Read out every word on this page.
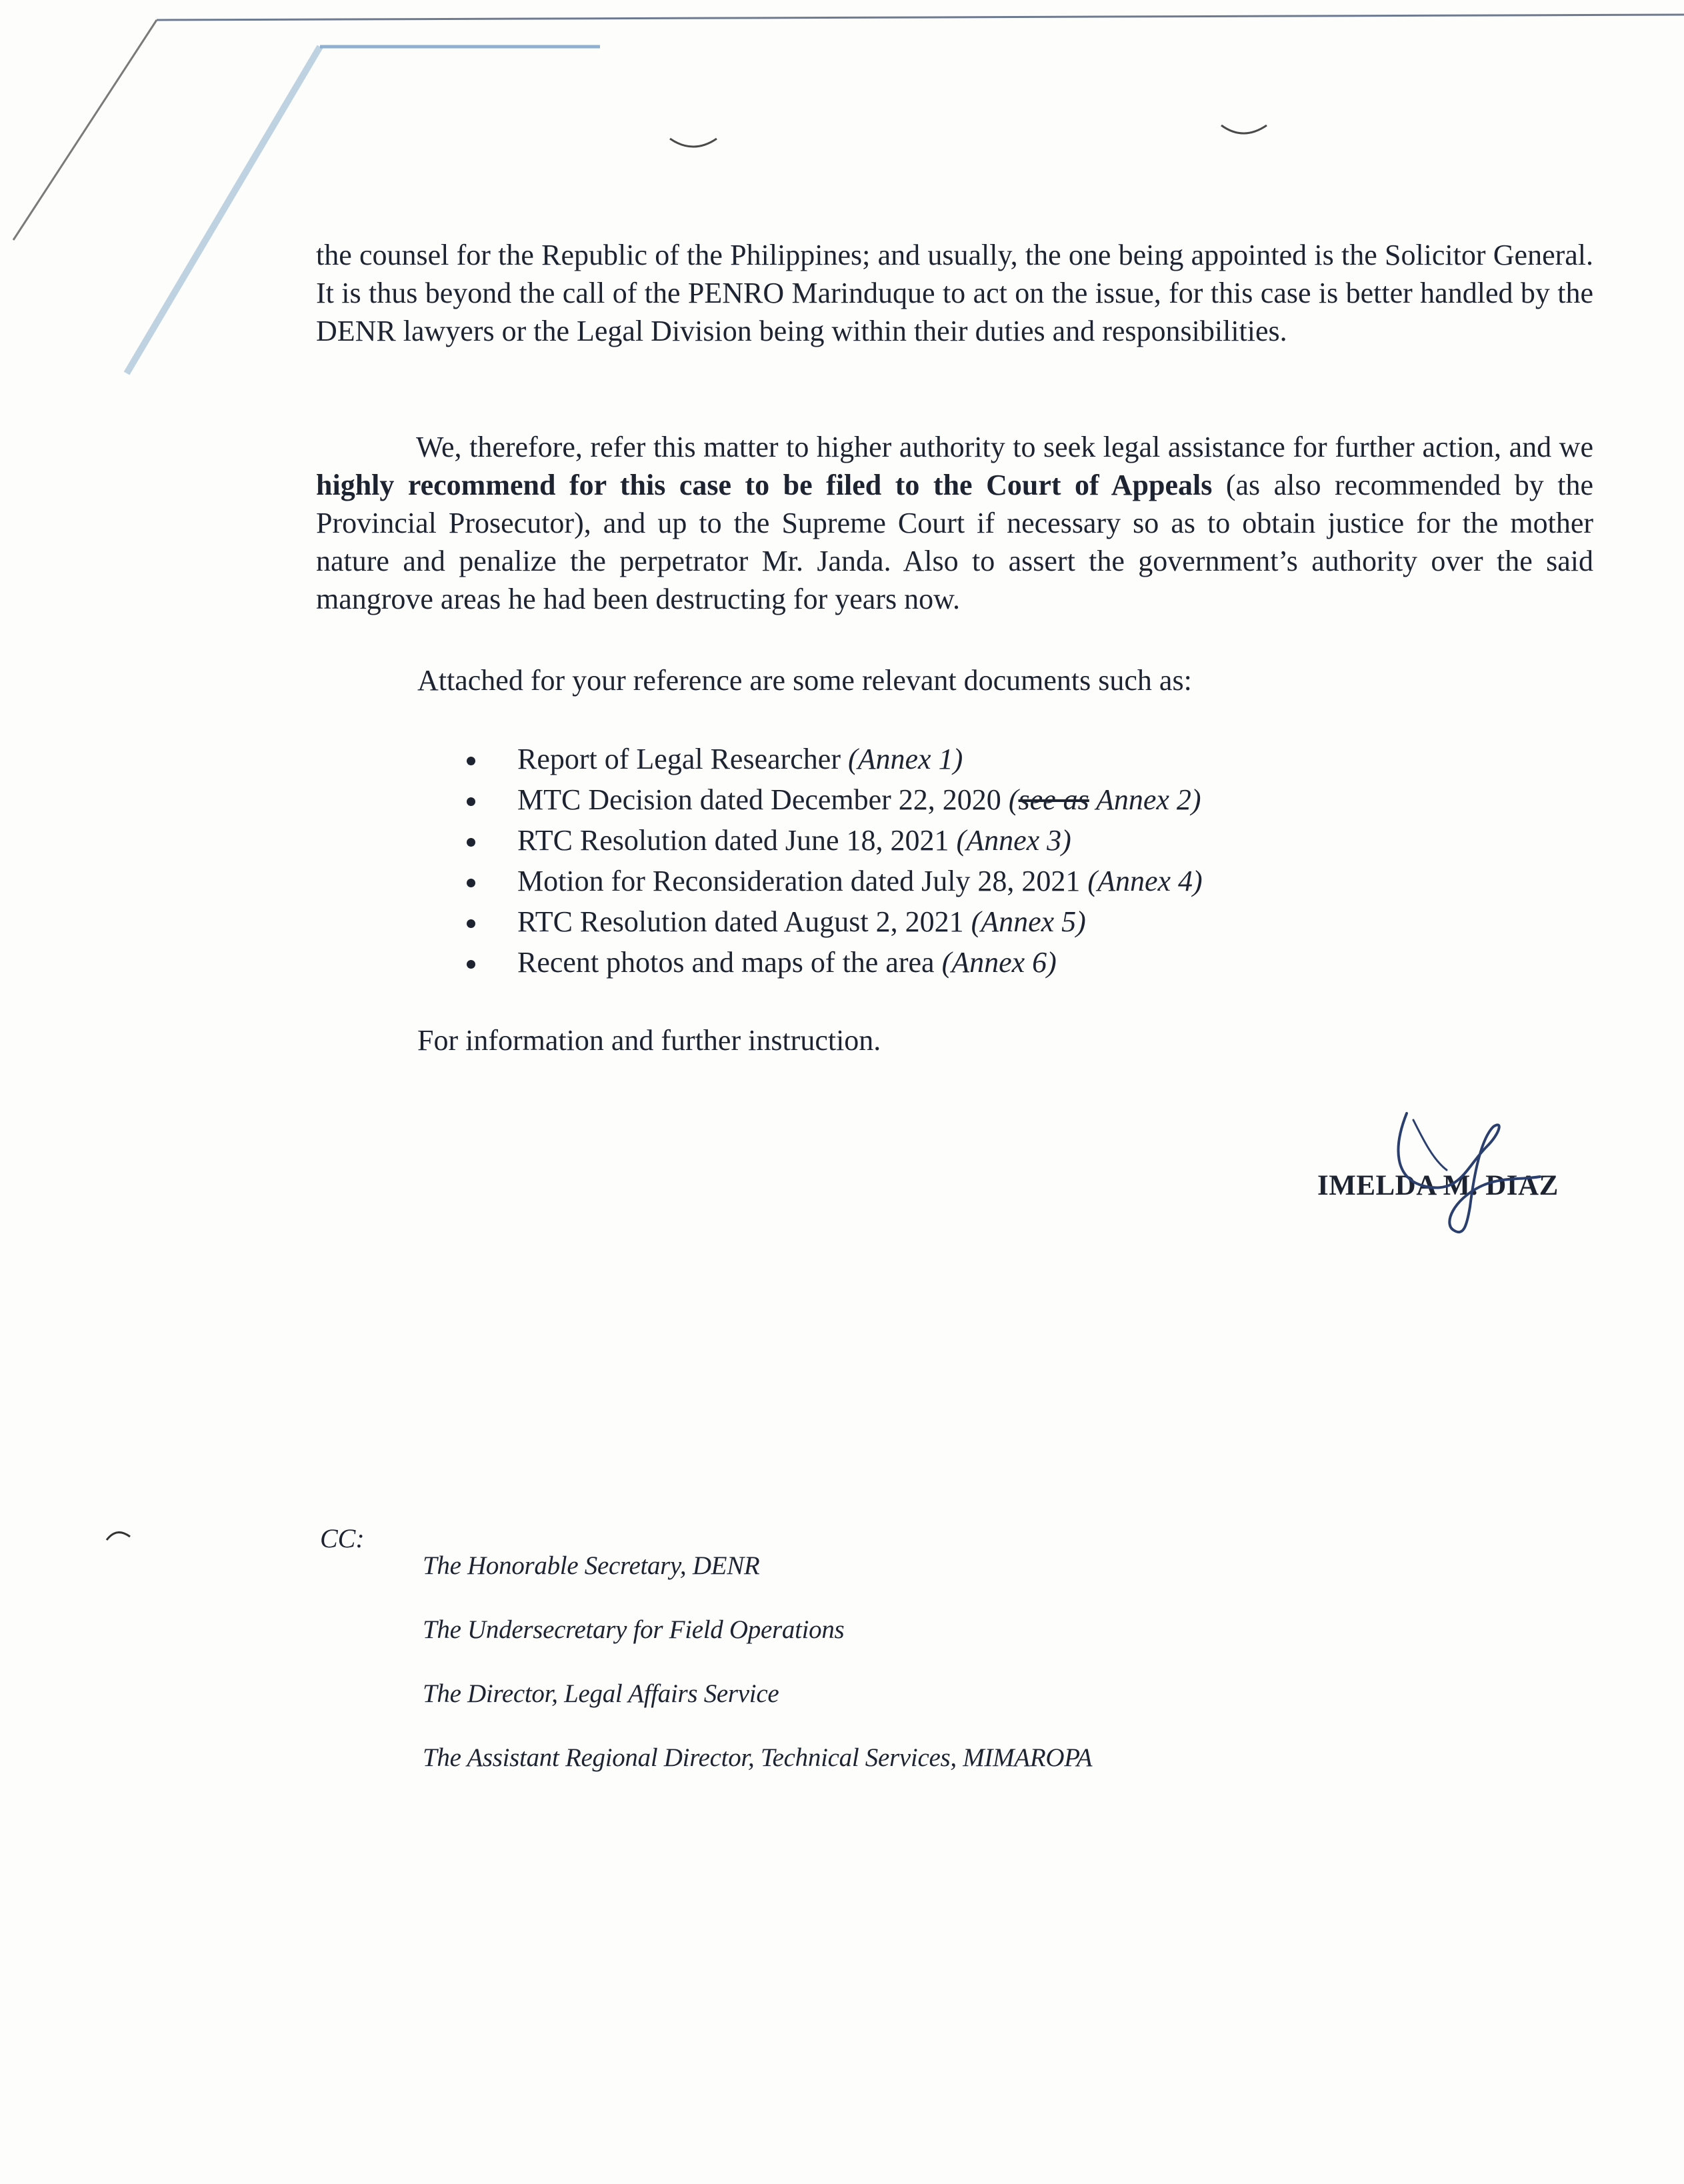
the counsel for the Republic of the Philippines; and usually, the one being appointed is the Solicitor General. It is thus beyond the call of the PENRO Marinduque to act on the issue, for this case is better handled by the DENR lawyers or the Legal Division being within their duties and responsibilities.

We, therefore, refer this matter to higher authority to seek legal assistance for further action, and we highly recommend for this case to be filed to the Court of Appeals (as also recommended by the Provincial Prosecutor), and up to the Supreme Court if necessary so as to obtain justice for the mother nature and penalize the perpetrator Mr. Janda. Also to assert the government’s authority over the said mangrove areas he had been destructing for years now.

Attached for your reference are some relevant documents such as:

Report of Legal Researcher (Annex 1)
MTC Decision dated December 22, 2020 (see as Annex 2)
RTC Resolution dated June 18, 2021 (Annex 3)
Motion for Reconsideration dated July 28, 2021 (Annex 4)
RTC Resolution dated August 2, 2021 (Annex 5)
Recent photos and maps of the area (Annex 6)

For information and further instruction.

IMELDA M. DIAZ
CC:
The Honorable Secretary, DENR
The Undersecretary for Field Operations
The Director, Legal Affairs Service
The Assistant Regional Director, Technical Services, MIMAROPA
